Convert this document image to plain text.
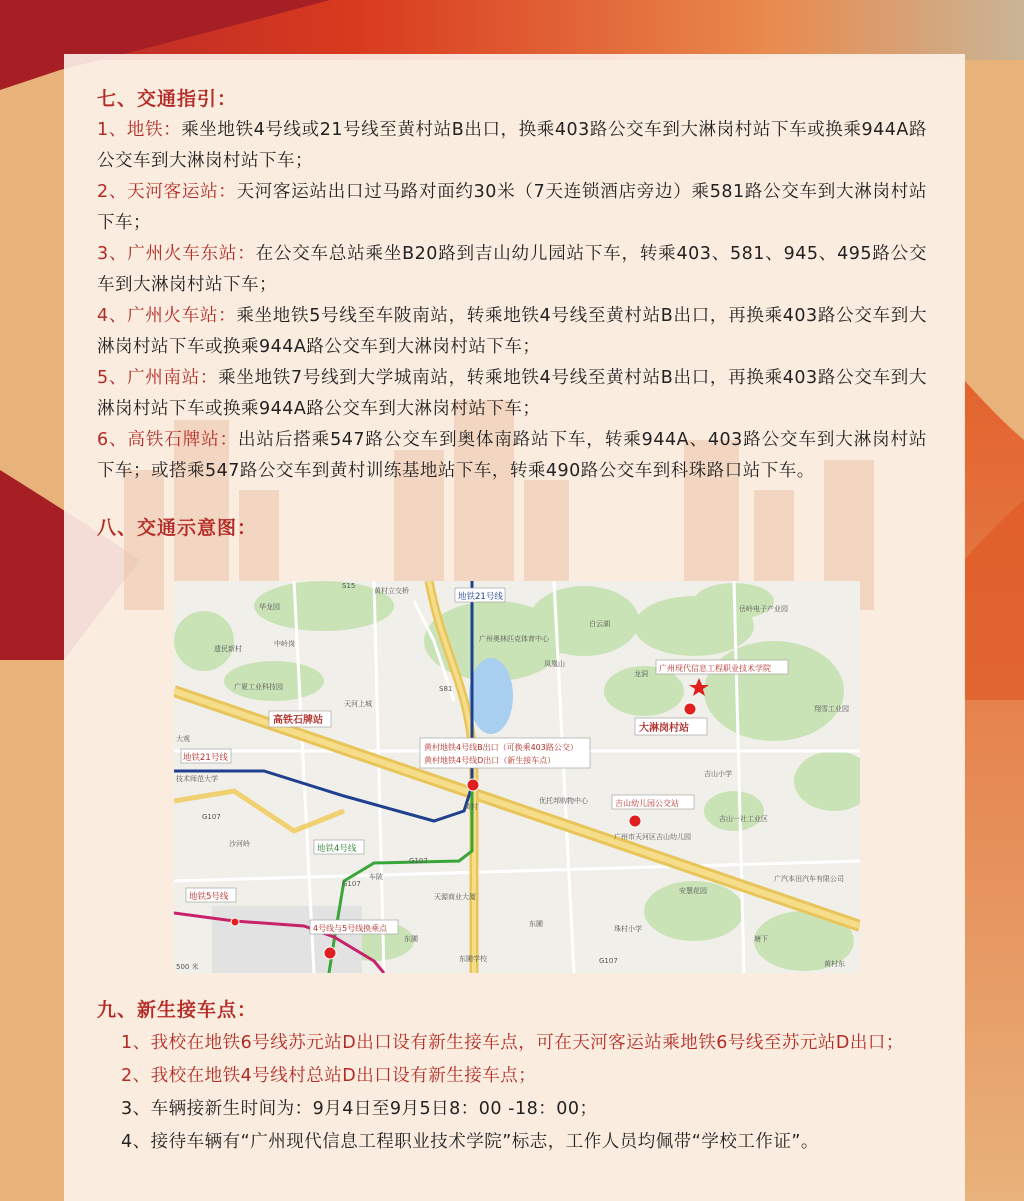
七、交通指引：

1、地铁：乘坐地铁4号线或21号线至黄村站B出口，换乘403路公交车到大淋岗村站下车或换乘944A路公交车到大淋岗村站下车；

2、天河客运站：天河客运站出口过马路对面约30米（7天连锁酒店旁边）乘581路公交车到大淋岗村站下车；

3、广州火车东站：在公交车总站乘坐B20路到吉山幼儿园站下车，转乘403、581、945、495路公交车到大淋岗村站下车；

4、广州火车站：乘坐地铁5号线至车陂南站，转乘地铁4号线至黄村站B出口，再换乘403路公交车到大淋岗村站下车或换乘944A路公交车到大淋岗村站下车；

5、广州南站：乘坐地铁7号线到大学城南站，转乘地铁4号线至黄村站B出口，再换乘403路公交车到大淋岗村站下车或换乘944A路公交车到大淋岗村站下车；

6、高铁石牌站：出站后搭乘547路公交车到奥体南路站下车，转乘944A、403路公交车到大淋岗村站下车；或搭乘547路公交车到黄村训练基地站下车，转乘490路公交车到科珠路口站下车。

八、交通示意图：
S15
黄村立交桥
华龙园
遗民新村
中岭岗
广夏工业科技园
天河上城
S81
广州奥林匹克体育中心
凤凰山
龙洞
岳岭电子产业园
白云湖
翔雪工业园
大观
技术师范大学
黄村
优托邦购物中心
吉山小学
吉山一社工业区
G107
G107
G107
G107
沙河岭
车陂
东圃
天源商业大厦
广州市天河区吉山幼儿园
安慧花园
珠村小学
广汽本田汽车有限公司
黄村东
塘下
东圃
东圃学校
500 米
地铁21号线
高铁石牌站
地铁21号线
黄村地铁4号线B出口（可换乘403路公交）
黄村地铁4号线D出口（新生接车点）
广州现代信息工程职业技术学院
大淋岗村站
吉山幼儿园公交站
地铁4号线
地铁5号线
4号线与5号线换乘点
九、新生接车点：

1、我校在地铁6号线苏元站D出口设有新生接车点，可在天河客运站乘地铁6号线至苏元站D出口；

2、我校在地铁4号线村总站D出口设有新生接车点；

3、车辆接新生时间为：9月4日至9月5日8：00 -18：00；

4、接待车辆有“广州现代信息工程职业技术学院”标志，工作人员均佩带“学校工作证”。
